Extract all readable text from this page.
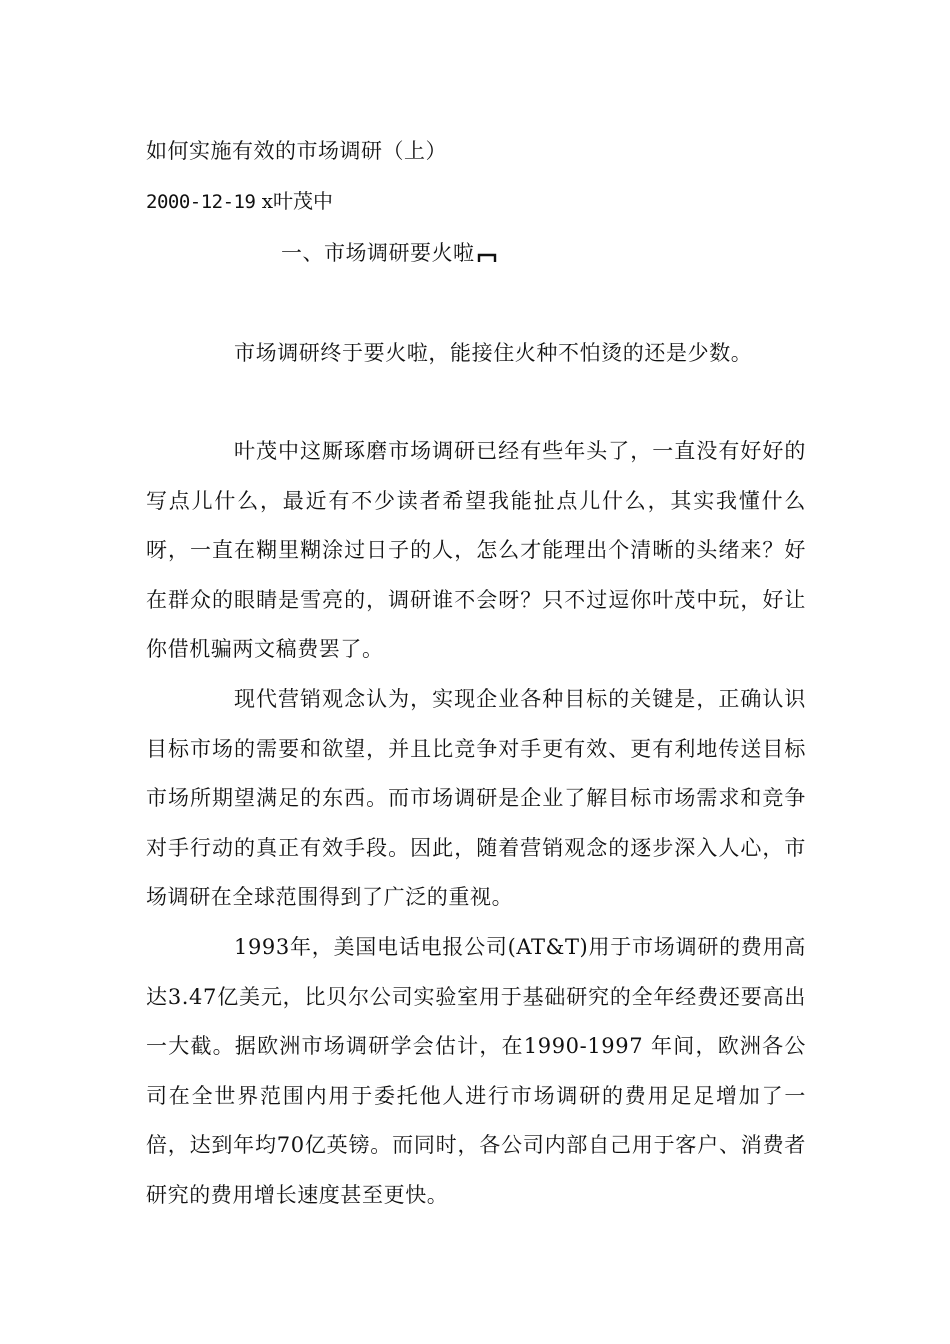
如何实施有效的市场调研（上）
2000-12-19 x叶茂中
一、市场调研要火啦

市场调研终于要火啦，能接住火种不怕烫的还是少数。

叶茂中这厮琢磨市场调研已经有些年头了，一直没有好好的写点儿什么，最近有不少读者希望我能扯点儿什么，其实我懂什么呀，一直在糊里糊涂过日子的人，怎么才能理出个清晰的头绪来？好在群众的眼睛是雪亮的，调研谁不会呀？只不过逗你叶茂中玩，好让你借机骗两文稿费罢了。

现代营销观念认为，实现企业各种目标的关键是，正确认识目标市场的需要和欲望，并且比竞争对手更有效、更有利地传送目标市场所期望满足的东西。而市场调研是企业了解目标市场需求和竞争对手行动的真正有效手段。因此，随着营销观念的逐步深入人心，市场调研在全球范围得到了广泛的重视。

1993年，美国电话电报公司(AT&T)用于市场调研的费用高达3.47亿美元，比贝尔公司实验室用于基础研究的全年经费还要高出一大截。据欧洲市场调研学会估计，在1990-1997 年间，欧洲各公司在全世界范围内用于委托他人进行市场调研的费用足足增加了一倍，达到年均70亿英镑。而同时，各公司内部自己用于客户、消费者研究的费用增长速度甚至更快。
